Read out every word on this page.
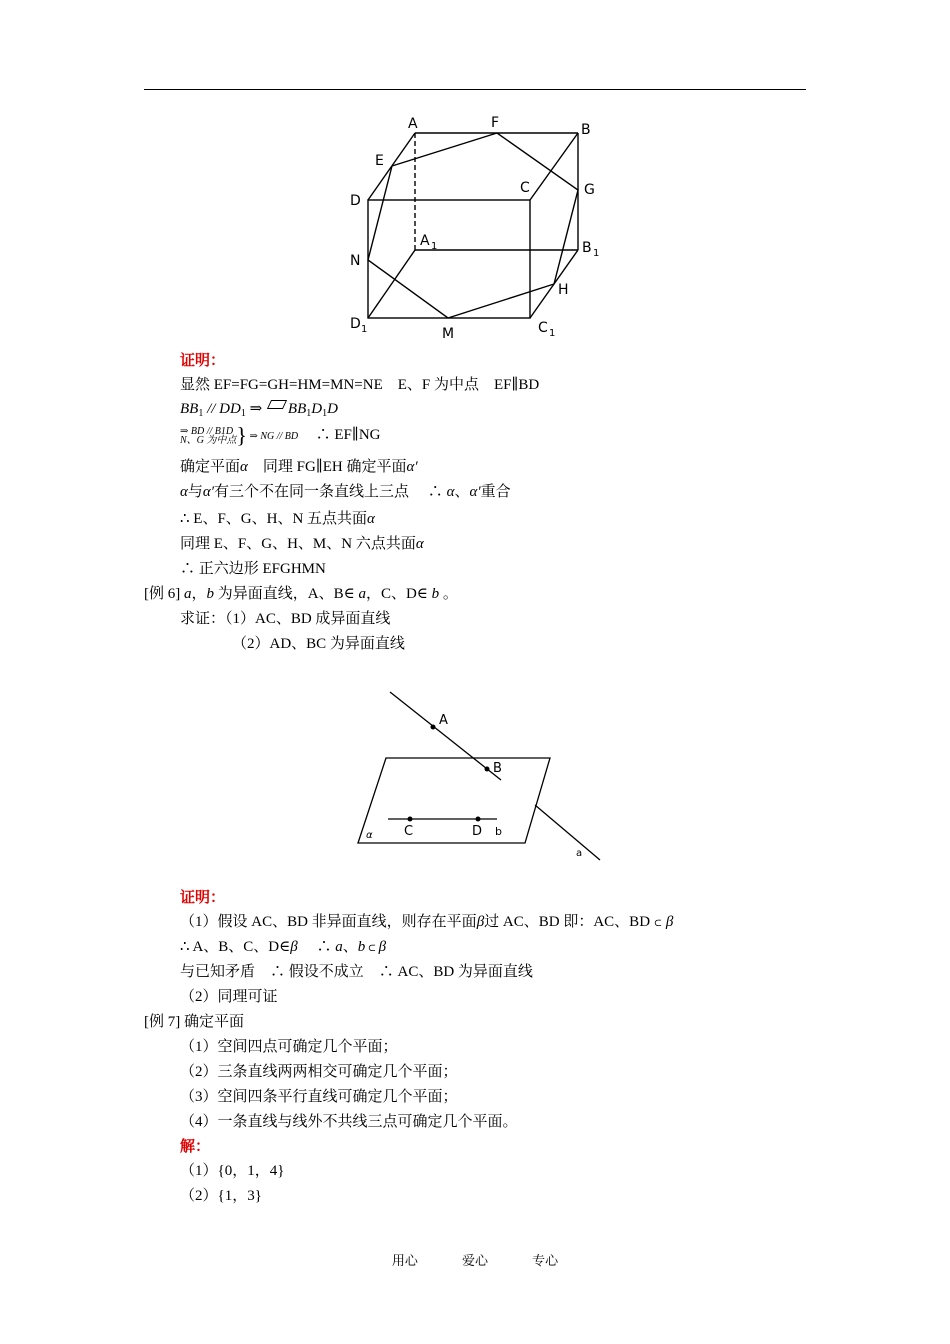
A	F	B
E
C	G
D
A 1	B 1
N
H
D 1	M	C 1
证明：
显然 EF=FG=GH=HM=MN=NE　E、F 为中点　EF∥BD
$BB_1 // DD_1$ ⇒ $BB_1D_1D$
⇒ BD // B1D
N、G 为中点} ⇒ NG // BD 　∴ EF∥NG
确定平面α　同理 FG∥EH 确定平面α′
α与α′有三个不在同一条直线上三点　 ∴ α、α′重合
∴ E、F、G、H、N 五点共面α
同理 E、F、G、H、M、N 六点共面α
∴ 正六边形 EFGHMN
[例 6] a，b 为异面直线，A、B∈ a，C、D∈ b 。
求证：（1）AC、BD 成异面直线
（2）AD、BC 为异面直线
A
B
C	D b
α
a
证明：
（1）假设 AC、BD 非异面直线，则存在平面β过 AC、BD 即：AC、BD ⊂ β
∴ A、B、C、D∈β　 ∴ a、b ⊂ β
与已知矛盾　∴ 假设不成立　∴ AC、BD 为异面直线
（2）同理可证
[例 7] 确定平面
（1）空间四点可确定几个平面；
（2）三条直线两两相交可确定几个平面；
（3）空间四条平行直线可确定几个平面；
（4）一条直线与线外不共线三点可确定几个平面。
解：
（1）{0，1，4}
（2）{1，3}
用心	爱心	专心
